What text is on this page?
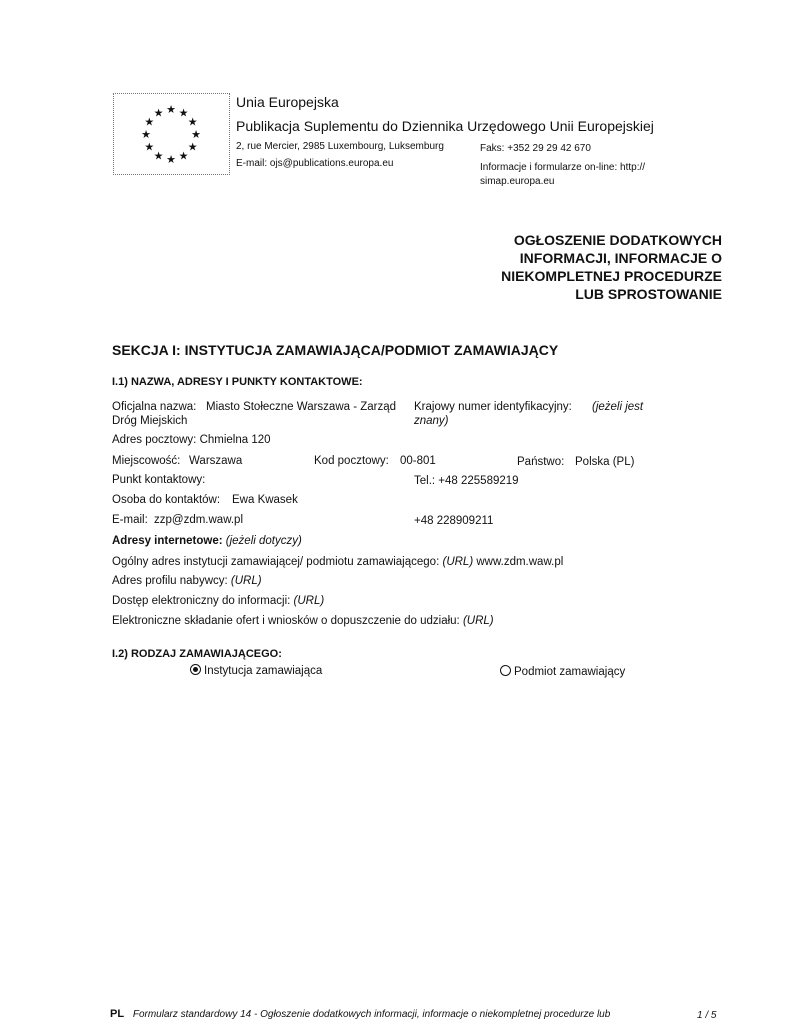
★ ★
★
★
★
★
★
★
★
★
★
★
Unia Europejska
Publikacja Suplementu do Dziennika Urzędowego Unii Europejskiej
2, rue Mercier, 2985 Luxembourg, Luksemburg	Faks: +352 29 29 42 670
E-mail: ojs@publications.europa.eu	Informacje i formularze on-line: http://
simap.europa.eu
OGŁOSZENIE DODATKOWYCH
INFORMACJI, INFORMACJE O
NIEKOMPLETNEJ PROCEDURZE
LUB SPROSTOWANIE
SEKCJA I: INSTYTUCJA ZAMAWIAJĄCA/PODMIOT ZAMAWIAJĄCY
I.1) NAZWA, ADRESY I PUNKTY KONTAKTOWE:
Oficjalna nazwa: Miasto Stołeczne Warszawa - Zarząd
Dróg Miejskich
Krajowy numer identyfikacyjny: (jeżeli jest
znany)
Adres pocztowy: Chmielna 120
Miejscowość: Warszawa	Kod pocztowy: 00-801	Państwo: Polska (PL)
Punkt kontaktowy:	Tel.: +48 225589219
Osoba do kontaktów: Ewa Kwasek
E-mail: zzp@zdm.waw.pl	+48 228909211
Adresy internetowe: (jeżeli dotyczy)
Ogólny adres instytucji zamawiającej/ podmiotu zamawiającego: (URL) www.zdm.waw.pl
Adres profilu nabywcy: (URL)
Dostęp elektroniczny do informacji: (URL)
Elektroniczne składanie ofert i wniosków o dopuszczenie do udziału: (URL)
I.2) RODZAJ ZAMAWIAJĄCEGO:
Instytucja zamawiająca	Podmiot zamawiający
PL Formularz standardowy 14 - Ogłoszenie dodatkowych informacji, informacje o niekompletnej procedurze lub	1 / 5
